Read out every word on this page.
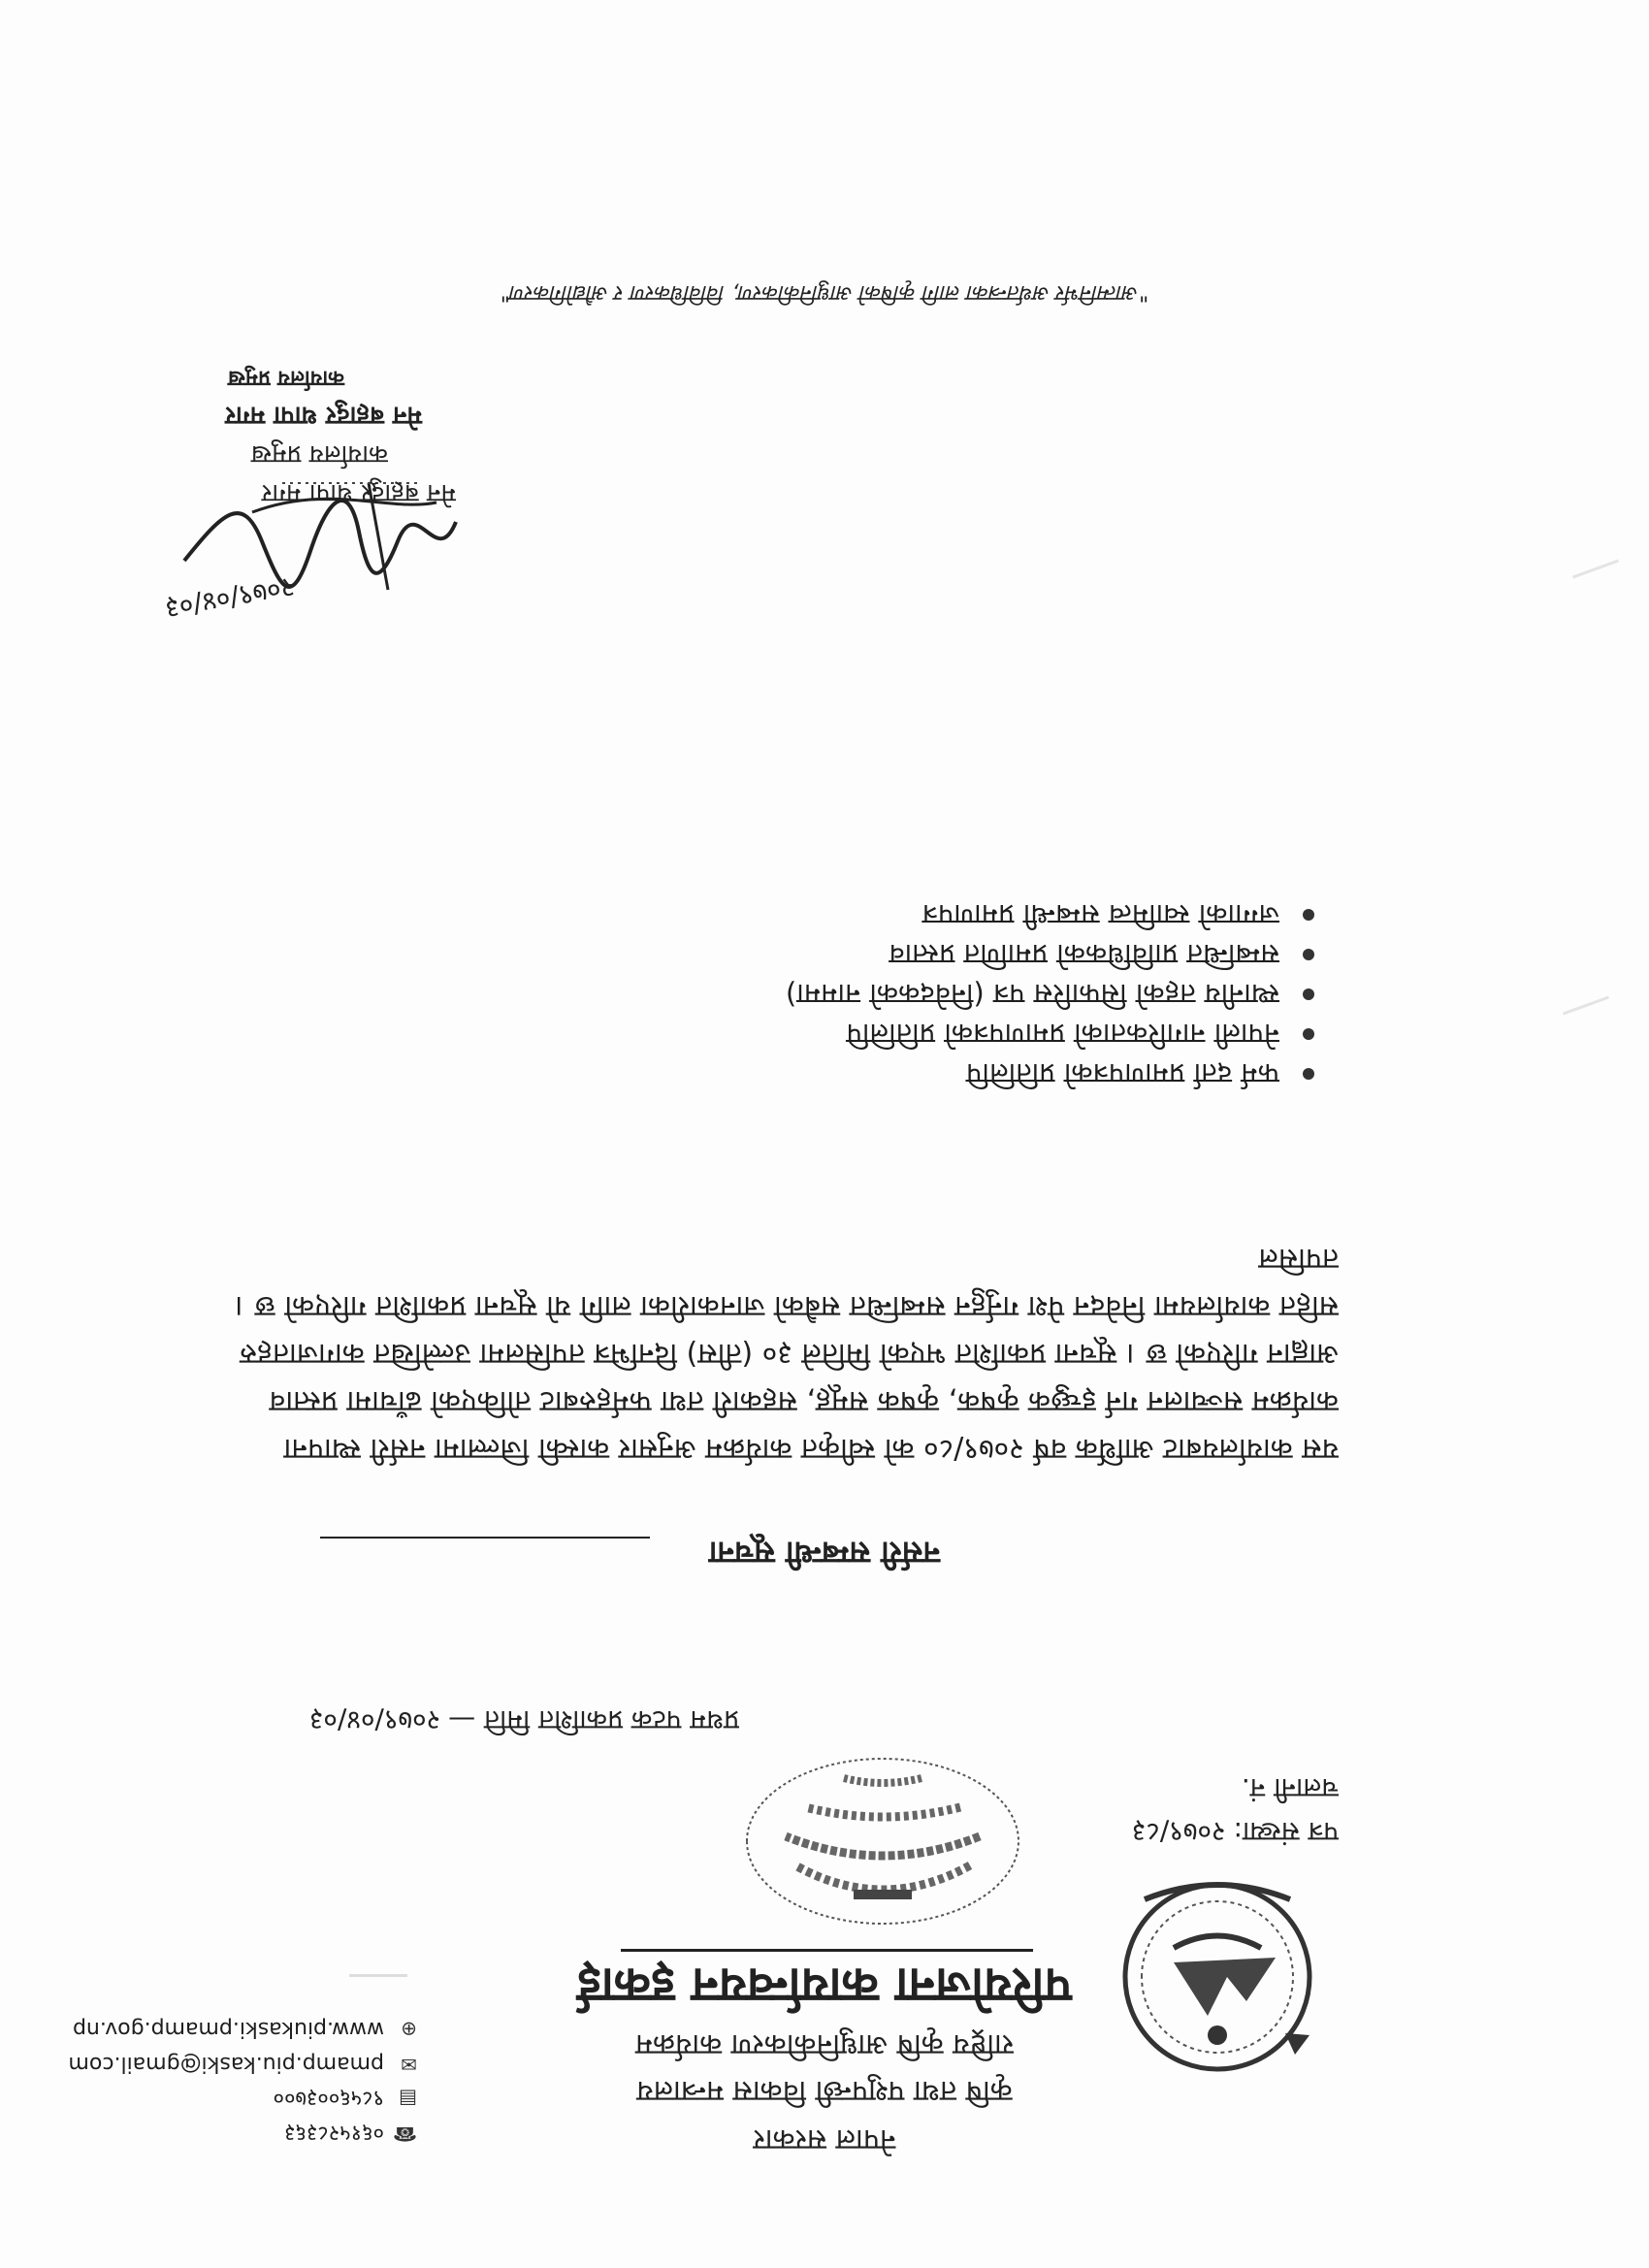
नेपाल सरकार
कृषि तथा पशुपन्छी विकास मन्त्रालय
राष्ट्रिय कृषि आधुनिकीकरण कार्यक्रम
परियोजना कार्यान्वयन इकाई
☎
०६१५२८३६३
▤
९८५६००३७००
✉
pmamp.piu.kaski@gmail.com
⊕
www.piukaski.pmamp.gov.np
पत्र संख्या:२०७९/८३
चलानी नं.
प्रथम पटक प्रकाशित मिति —२०७९/०४/०३
नर्सरी सम्बन्धी सूचना
यस कार्यालयबाट आर्थिक वर्ष २०७९/८० को स्वीकृत कार्यक्रम अनुसार कास्की जिल्लामा नर्सरी स्थापना कार्यक्रम सञ्चालन गर्न इच्छुक कृषक, कृषक समूह, सहकारी तथा फर्महरुबाट तोकिएको ढाँचामा प्रस्ताव आह्वान गरिएको छ । सूचना प्रकाशित भएको मितिले ३० (तीस) दिनभित्र तपसिलमा उल्लेखित कागजातहरु सहित कार्यालयमा निवेदन पेश गर्नुहुन सम्बन्धित सबैको जानकारीका लागि यो सूचना प्रकाशित गरिएको छ ।
तपसिल
फर्म दर्ता प्रमाणपत्रको प्रतिलिपि
नेपाली नागरिकताको प्रमाणपत्रको प्रतिलिपि
स्थानीय तहको सिफारिस पत्र (निवेदकको नाममा)
सम्बन्धित प्राविधिकको प्रमाणित प्रस्ताव
जग्गाको स्वामित्व सम्बन्धी प्रमाणपत्र
२०७९/०४/०३
मेन बहादुर थापा मगर
कार्यालय प्रमुख
मेन बहादुर थापा मगर
कार्यालय प्रमुख
"आत्मनिर्भर अर्थतन्त्रका लागि कृषिको आधुनिकीकरण, विविधिकरण र औद्योगिकरण"
